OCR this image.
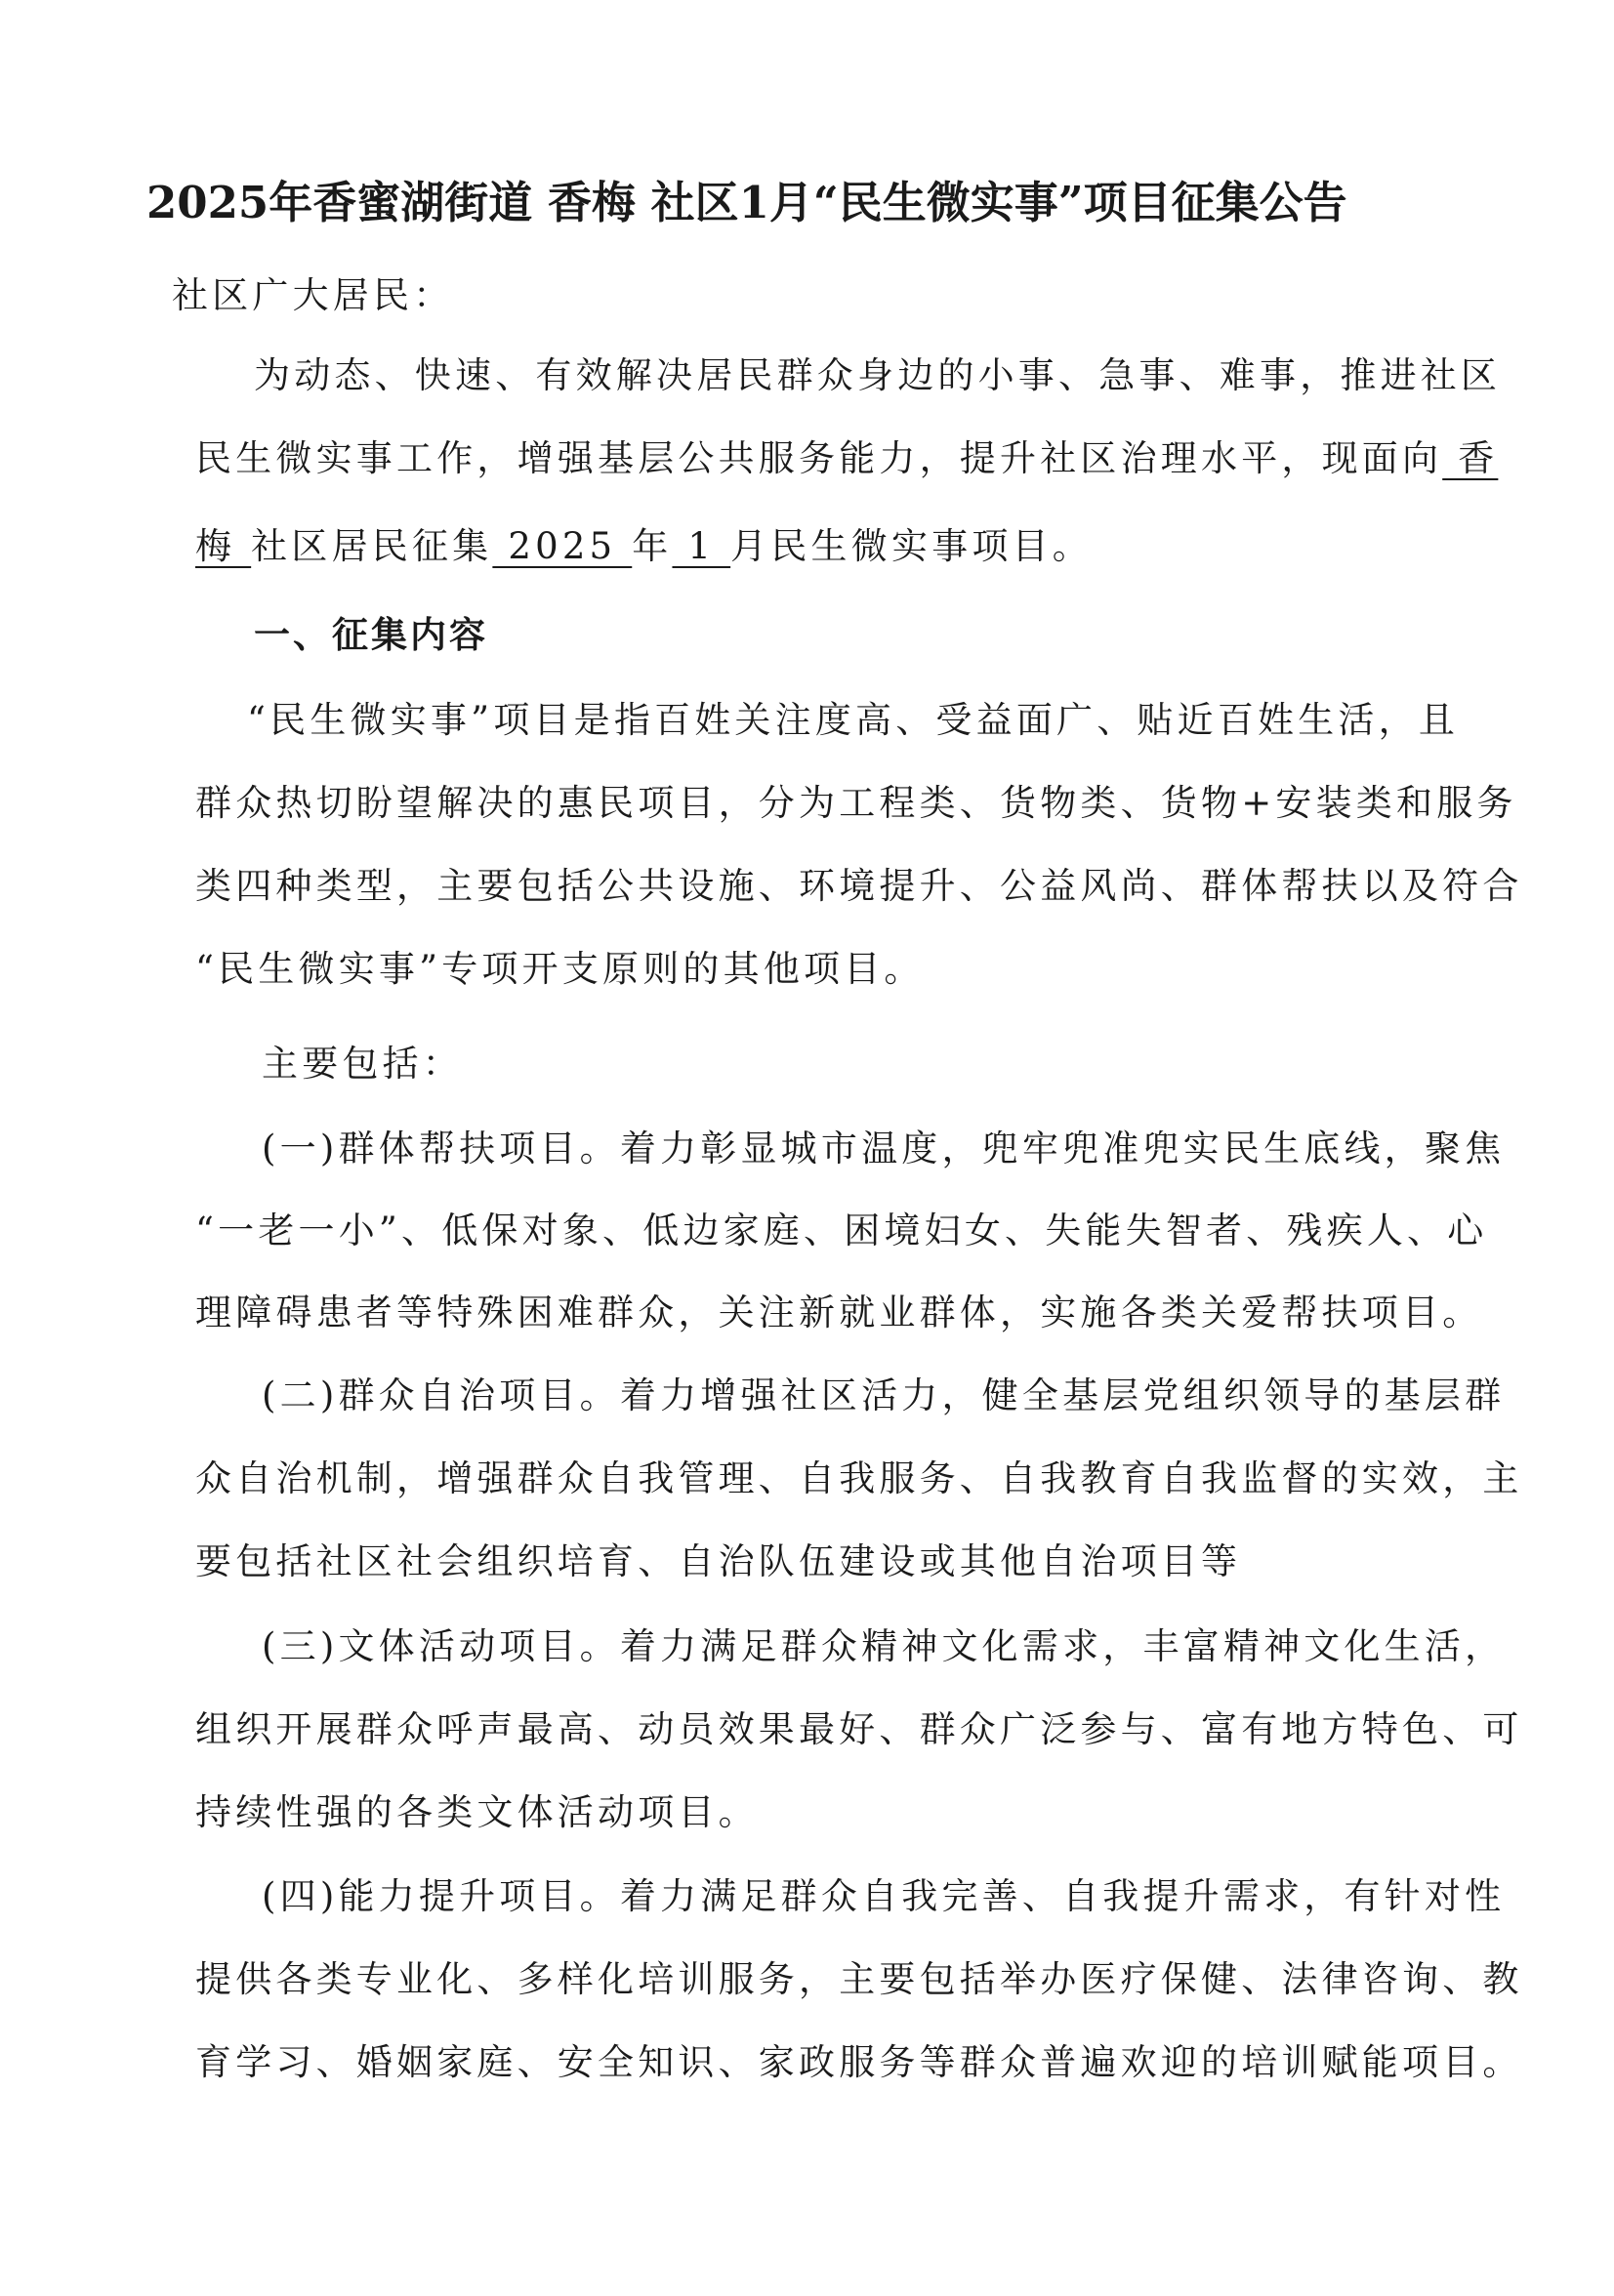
2025年香蜜湖街道 香梅 社区1月“民生微实事”项目征集公告
社区广大居民：
为动态、快速、有效解决居民群众身边的小事、急事、难事，推进社区
民生微实事工作，增强基层公共服务能力，提升社区治理水平，现面向 香
梅 社区居民征集 2025 年 1 月民生微实事项目。
一、征集内容
“民生微实事”项目是指百姓关注度高、受益面广、贴近百姓生活，且
群众热切盼望解决的惠民项目，分为工程类、货物类、货物+安装类和服务
类四种类型，主要包括公共设施、环境提升、公益风尚、群体帮扶以及符合
“民生微实事”专项开支原则的其他项目。
主要包括：
(一)群体帮扶项目。着力彰显城市温度，兜牢兜准兜实民生底线，聚焦
“一老一小”、低保对象、低边家庭、困境妇女、失能失智者、残疾人、心
理障碍患者等特殊困难群众，关注新就业群体，实施各类关爱帮扶项目。
(二)群众自治项目。着力增强社区活力，健全基层党组织领导的基层群
众自治机制，增强群众自我管理、自我服务、自我教育自我监督的实效，主
要包括社区社会组织培育、自治队伍建设或其他自治项目等
(三)文体活动项目。着力满足群众精神文化需求，丰富精神文化生活，
组织开展群众呼声最高、动员效果最好、群众广泛参与、富有地方特色、可
持续性强的各类文体活动项目。
(四)能力提升项目。着力满足群众自我完善、自我提升需求，有针对性
提供各类专业化、多样化培训服务，主要包括举办医疗保健、法律咨询、教
育学习、婚姻家庭、安全知识、家政服务等群众普遍欢迎的培训赋能项目。
